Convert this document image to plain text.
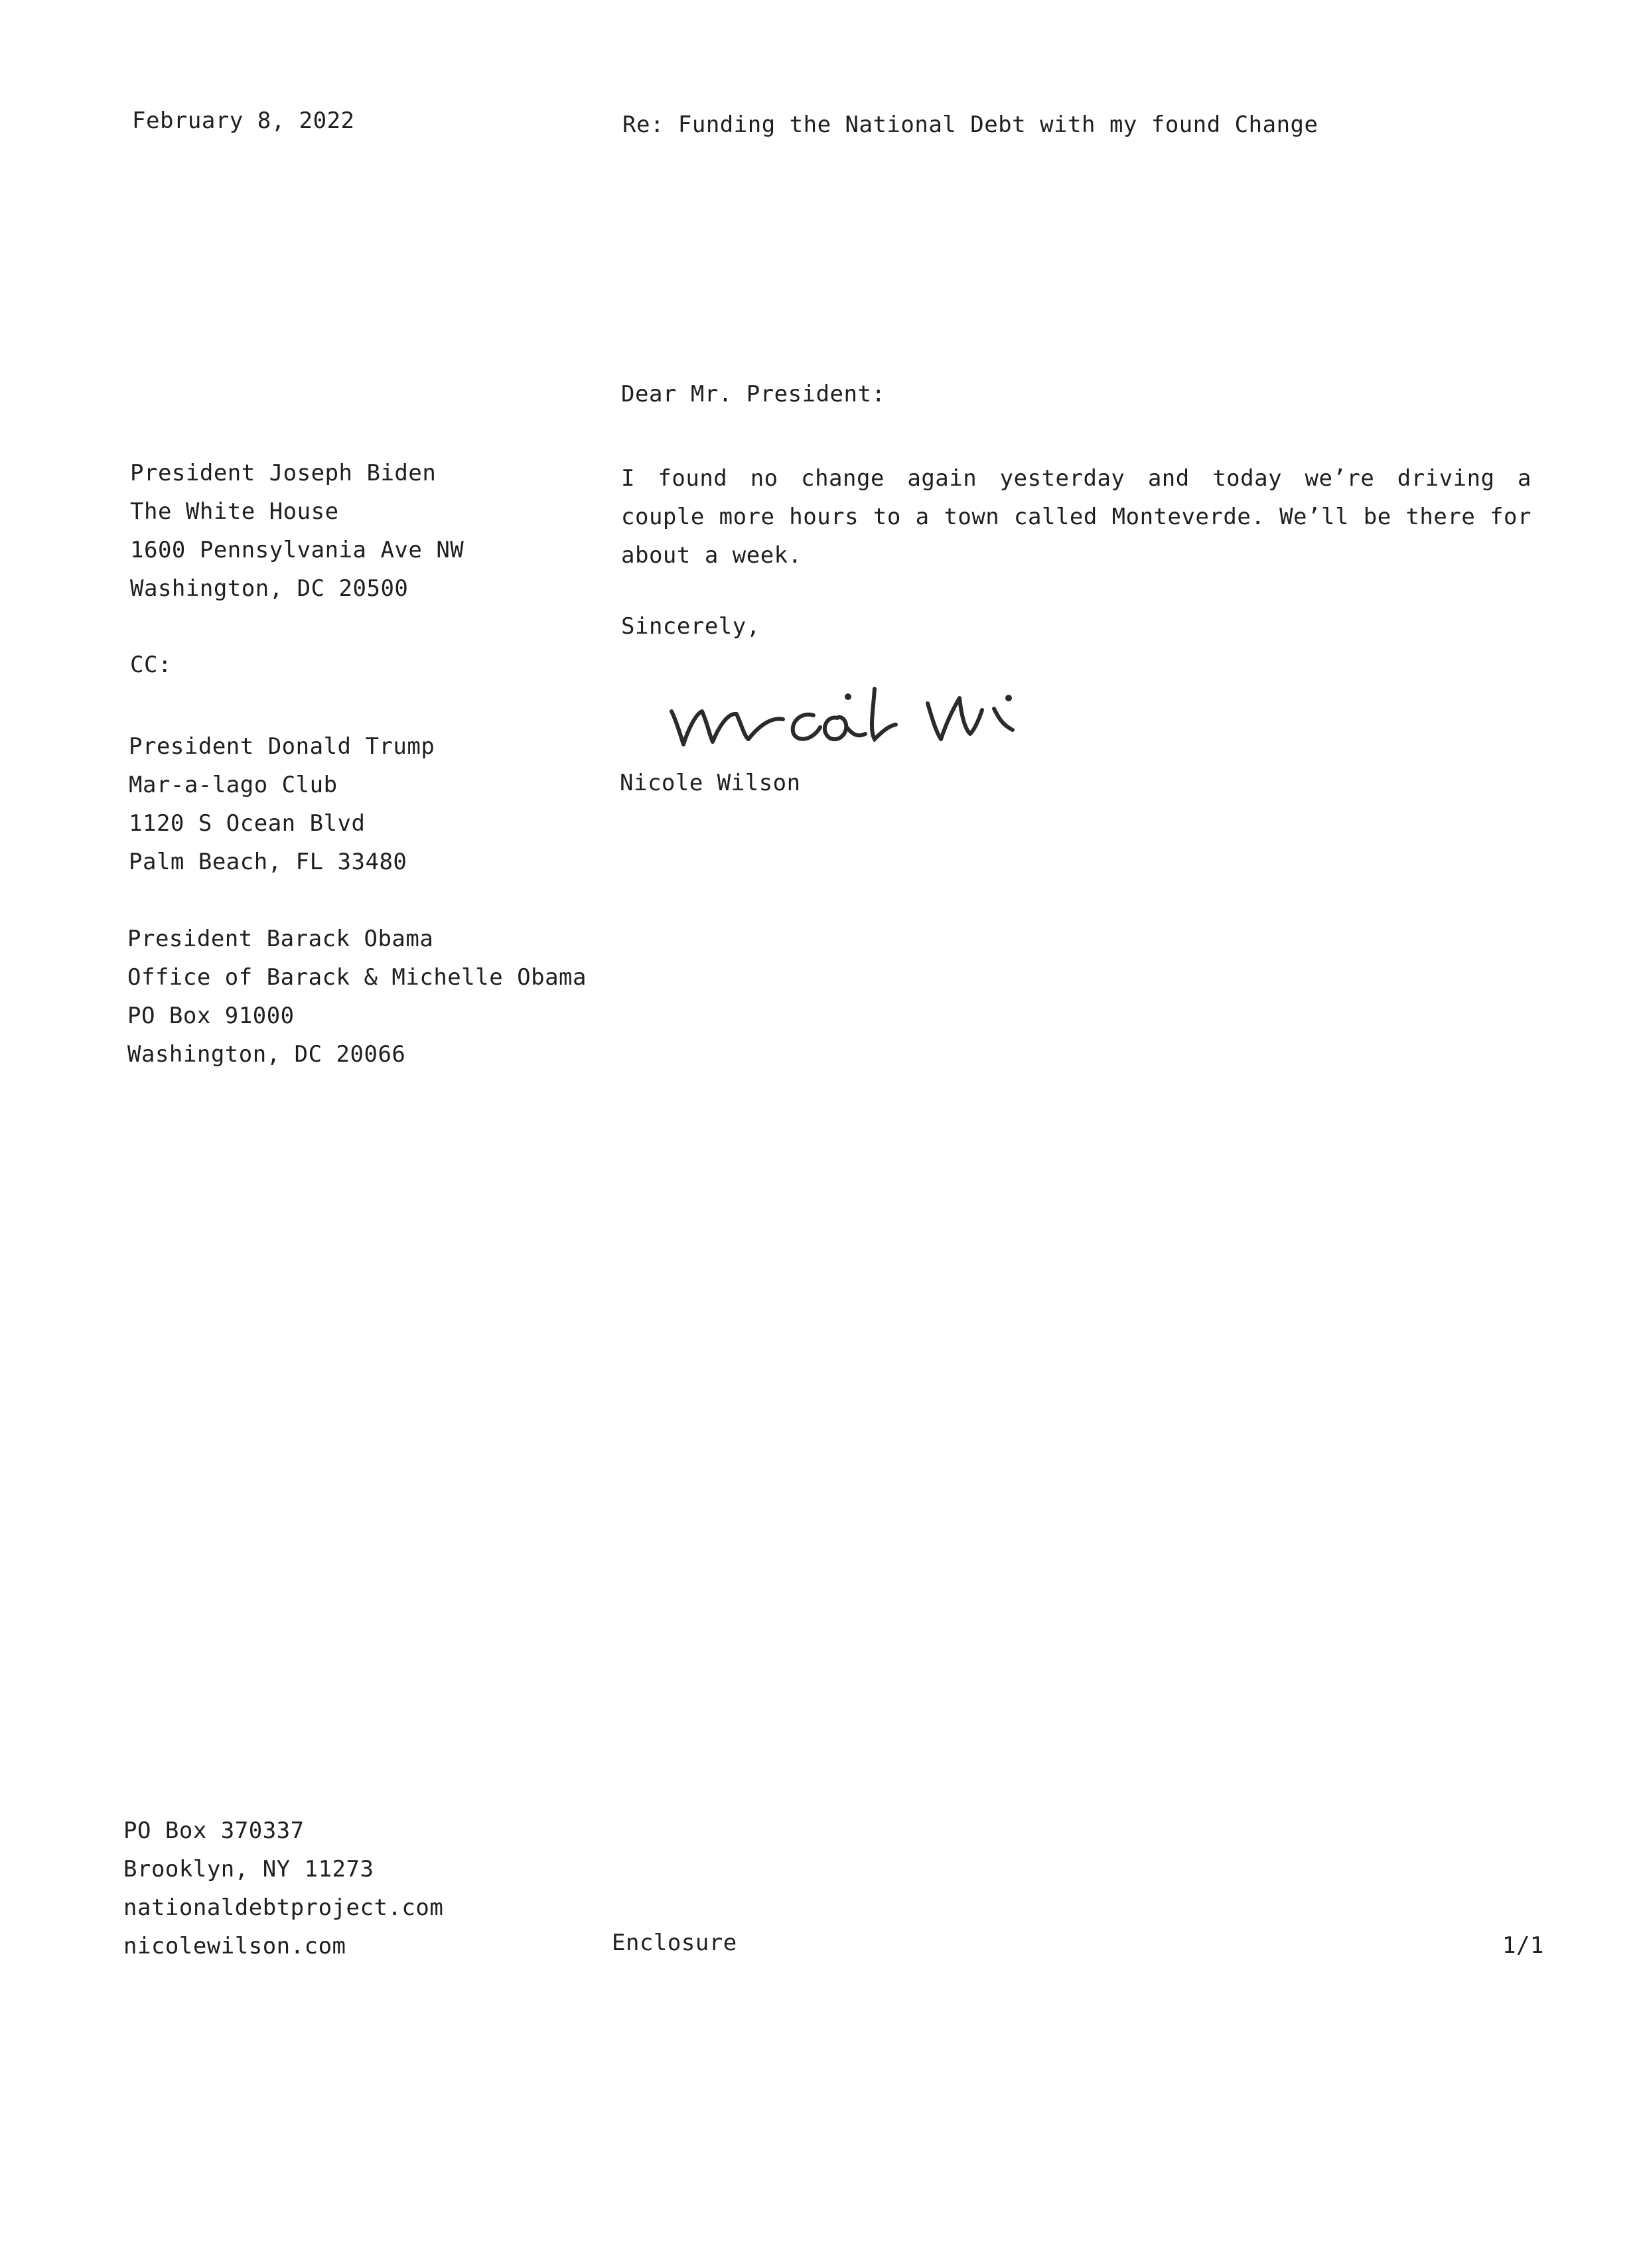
February 8, 2022	Re: Funding the National Debt with my found Change
Dear Mr. President:
President Joseph Biden
The White House
1600 Pennsylvania Ave NW
Washington, DC 20500
I found no change again yesterday and today we’re driving a couple more hours to a town called Monteverde. We’ll be there for about a week.
Sincerely,
CC:
Nicole Wilson
President Donald Trump
Mar-a-lago Club
1120 S Ocean Blvd
Palm Beach, FL 33480
President Barack Obama
Office of Barack & Michelle Obama
PO Box 91000
Washington, DC 20066
PO Box 370337
Brooklyn, NY 11273
nationaldebtproject.com
nicolewilson.com	Enclosure	1/1
